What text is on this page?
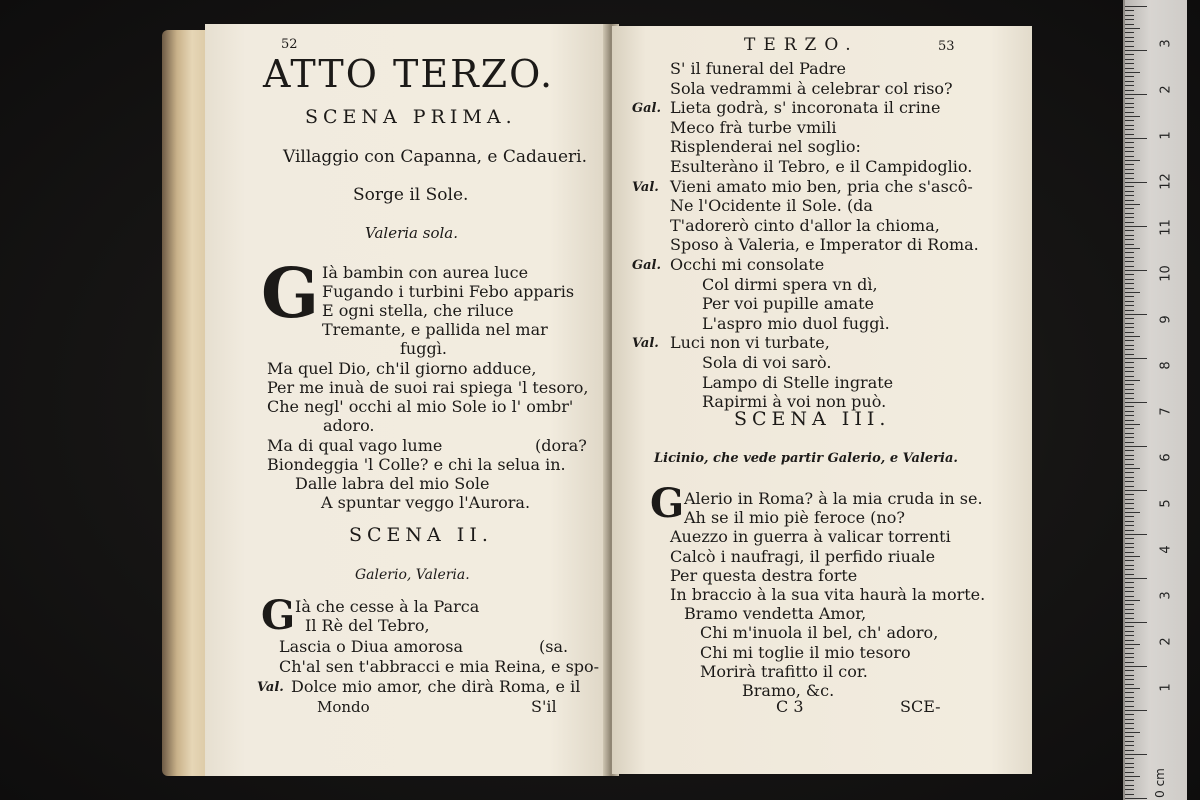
3
2
1
12
11
10
9
8
7
6
5
4
3
2
1
0 cm
52
ATTO TERZO.
SCENA PRIMA.
Villaggio con Capanna, e Cadaueri.
Sorge il Sole.
Valeria sola.
G Ià bambin con aurea luce
Fugando i turbini Febo apparis
E ogni stella, che riluce
Tremante, e pallida nel mar
fuggì.
Ma quel Dio, ch'il giorno adduce,
Per me inuà de suoi rai spiega 'l tesoro,
Che negl' occhi al mio Sole io l' ombr'
adoro.
Ma di qual vago lume	(dora?
Biondeggia 'l Colle? e chi la selua in.
Dalle labra del mio Sole
A spuntar veggo l'Aurora.
SCENA II.
Galerio, Valeria.
G Ià che cesse à la Parca
Il Rè del Tebro,
Lascia o Diua amorosa	(sa.
Ch'al sen t'abbracci e mia Reina, e spo-
Val. Dolce mio amor, che dirà Roma, e il
Mondo	S'il
TERZO.	53
S' il funeral del Padre
Sola vedrammi à celebrar col riso?
Gal. Lieta godrà, s' incoronata il crine
Meco frà turbe vmili
Risplenderai nel soglio:
Esulteràno il Tebro, e il Campidoglio.
Val. Vieni amato mio ben, pria che s'ascô-
Ne l'Ocidente il Sole. (da
T'adorerò cinto d'allor la chioma,
Sposo à Valeria, e Imperator di Roma.
Gal. Occhi mi consolate
Col dirmi spera vn dì,
Per voi pupille amate
L'aspro mio duol fuggì.
Val. Luci non vi turbate,
Sola di voi sarò.
Lampo di Stelle ingrate
Rapirmi à voi non può.
SCENA III.
Licinio, che vede partir Galerio, e Valeria.
G Alerio in Roma? à la mia cruda in se.
Ah se il mio piè feroce (no?
Auezzo in guerra à valicar torrenti
Calcò i naufragi, il perfido riuale
Per questa destra forte
In braccio à la sua vita haurà la morte.
Bramo vendetta Amor,
Chi m'inuola il bel, ch' adoro,
Chi mi toglie il mio tesoro
Morirà trafitto il cor.
Bramo, &c.
C 3	SCE-
